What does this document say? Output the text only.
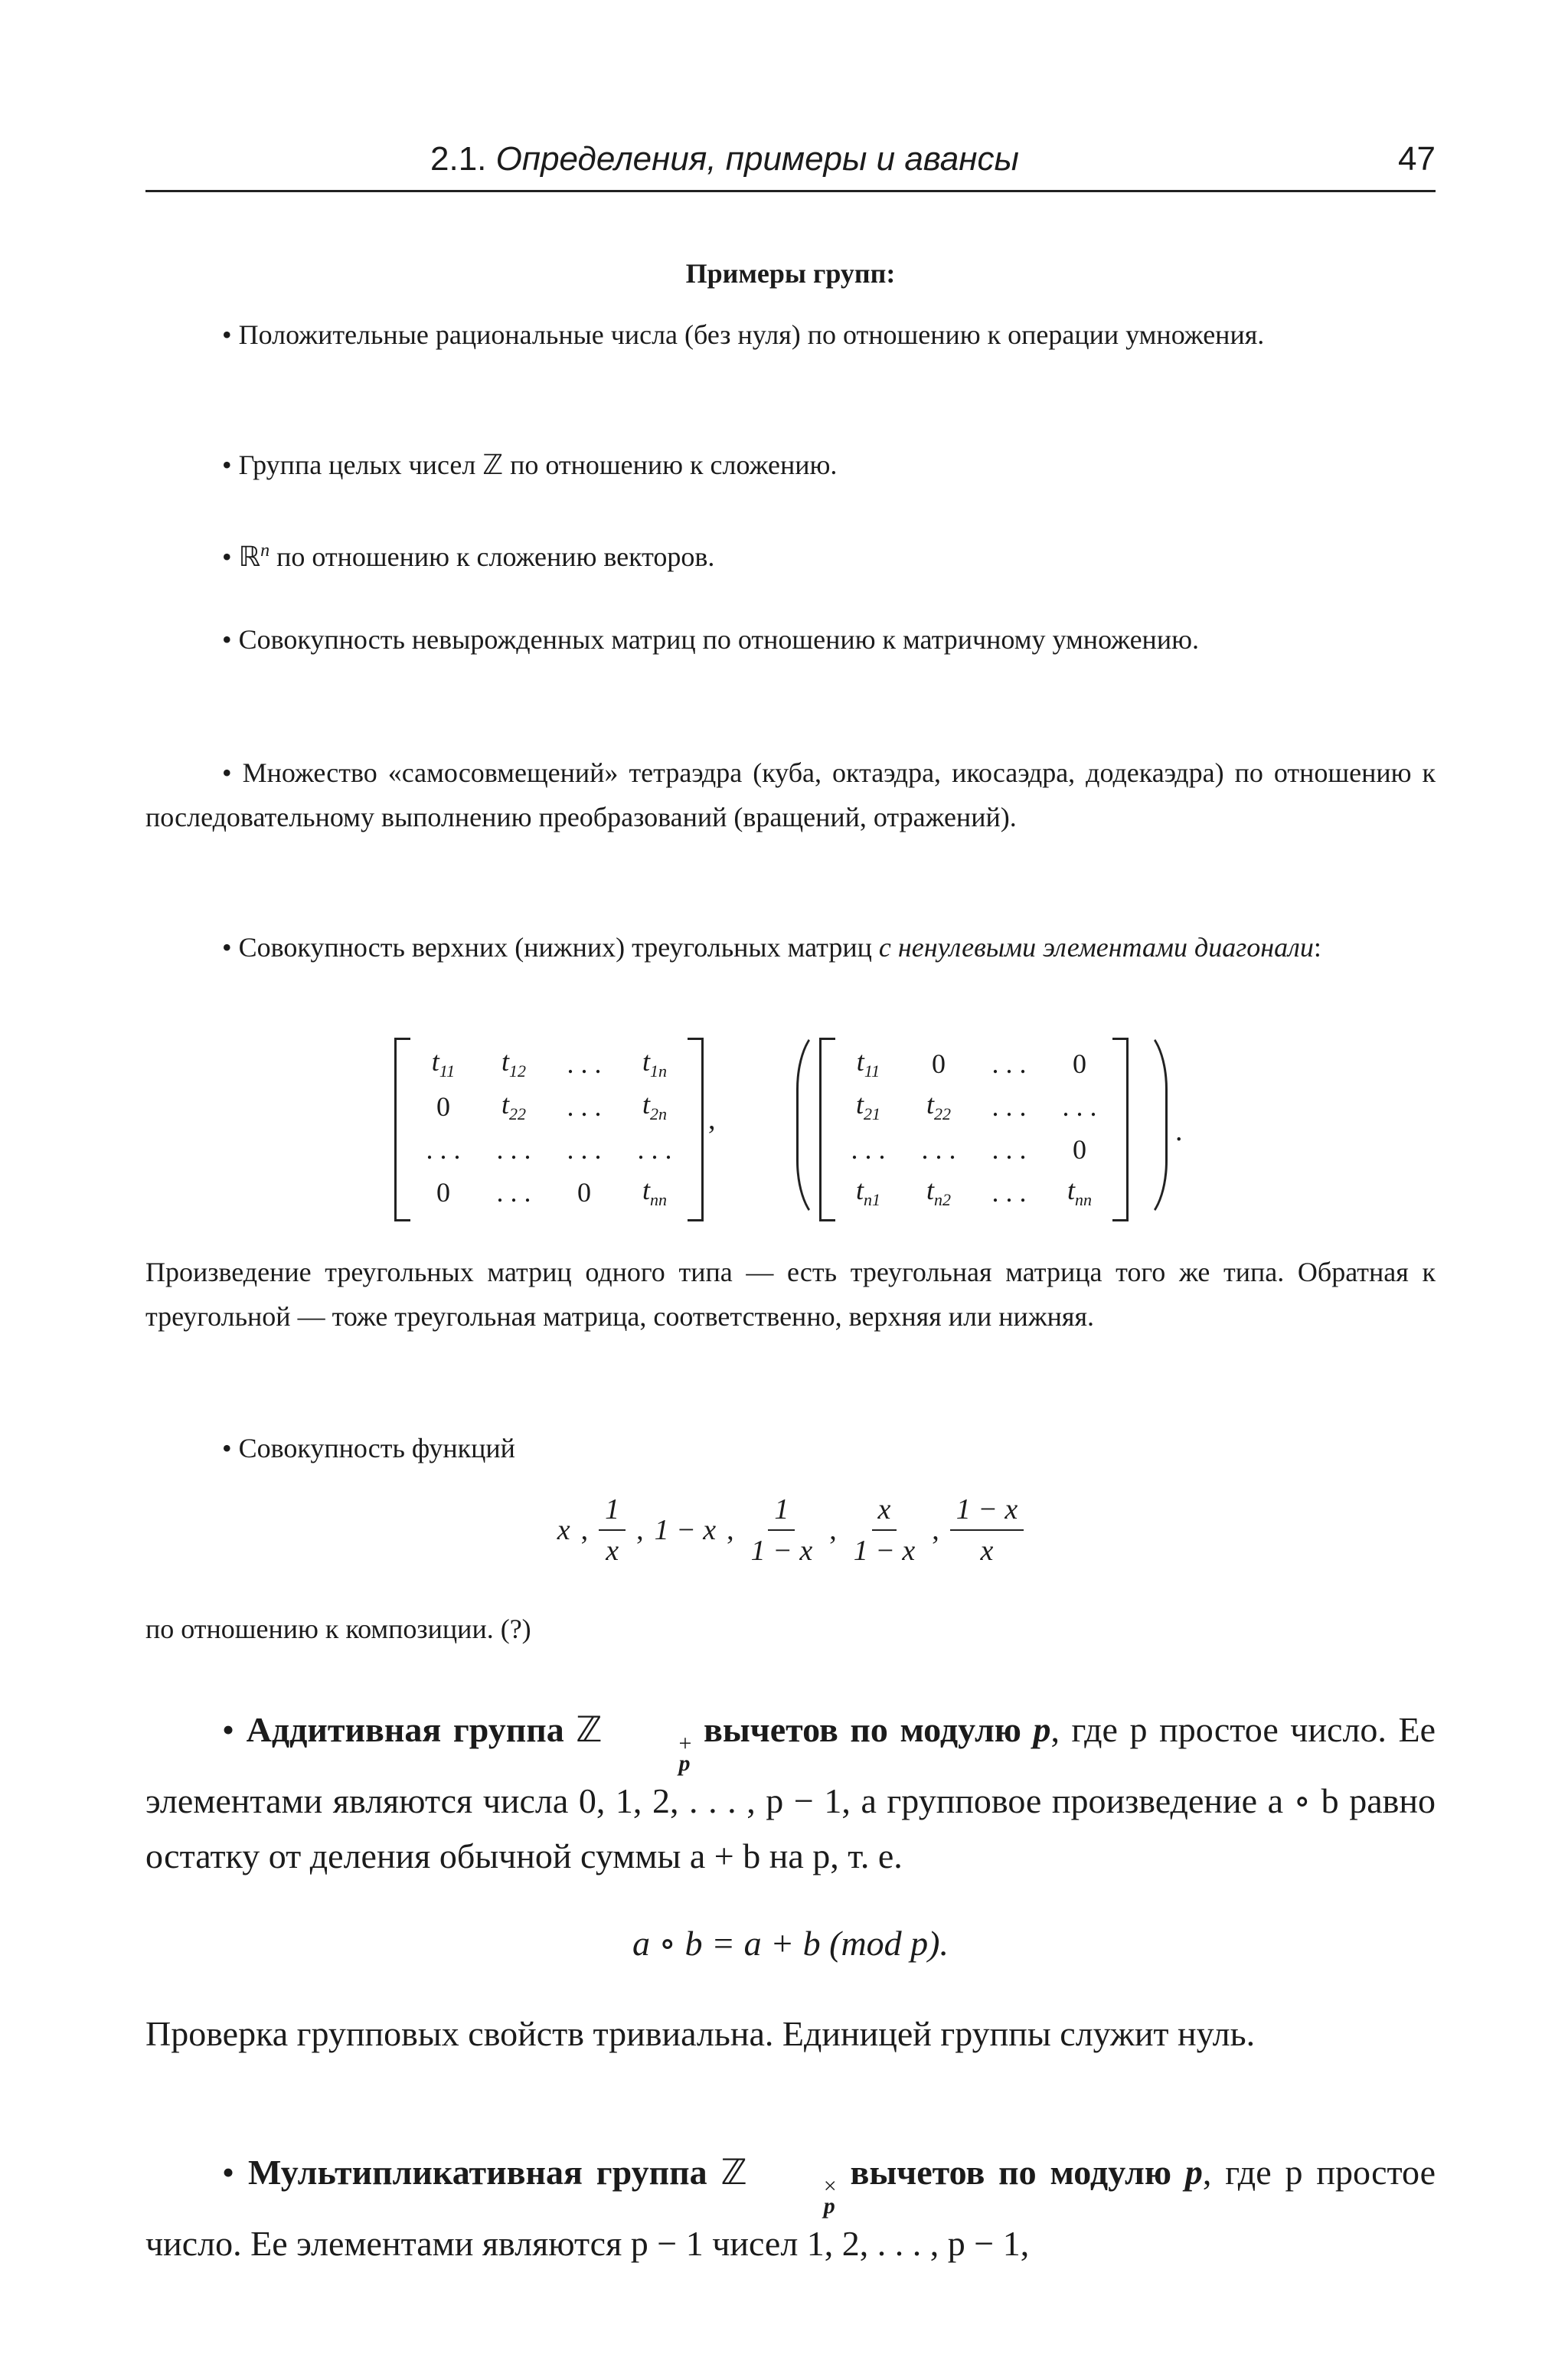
2.1. Определения, примеры и авансы	47
Примеры групп:
• Положительные рациональные числа (без нуля) по отношению к операции умножения.
• Группа целых чисел ℤ по отношению к сложению.
• ℝ$^n$ по отношению к сложению векторов.
• Совокупность невырожденных матриц по отношению к матричному умножению.
• Множество «самосовмещений» тетраэдра (куба, октаэдра, икосаэдра, додекаэдра) по отношению к последовательному выполнению преобразований (вращений, отражений).
• Совокупность верхних (нижних) треугольных матриц с ненулевыми элементами диагонали:
$t_{11}$	$t_{12}$	. . .	$t_{1n}$
0	$t_{22}$	. . .	$t_{2n}$
. . .	. . .	. . .	. . .
0	. . .	0	$t_{nn}$
,
$t_{11}$	0	. . .	0
$t_{21}$	$t_{22}$	. . .	. . .
. . .	. . .	. . .	0
$t_{n1}$	$t_{n2}$	. . .	$t_{nn}$
.
Произведение треугольных матриц одного типа — есть треугольная матрица того же типа. Обратная к треугольной — тоже треугольная матрица, соответственно, верхняя или нижняя.
• Совокупность функций
x , $\frac{1}{x}$ , 1 − x , $\frac{1}{1 - x}$ , $\frac{x}{1 - x}$ , $\frac{1 - x}{x}$
по отношению к композиции. (?)
• Аддитивная группа ℤ	+
p
вычетов по модулю p, где p простое число. Ее элементами являются числа 0, 1, 2, . . . , p − 1, а групповое произведение a ∘ b равно остатку от деления обычной суммы a + b на p, т. е.
a ∘ b = a + b (mod p).
Проверка групповых свойств тривиальна. Единицей группы служит нуль.
• Мультипликативная группа ℤ	×
p
вычетов по модулю p, где p простое число. Ее элементами являются p − 1 чисел 1, 2, . . . , p − 1,
